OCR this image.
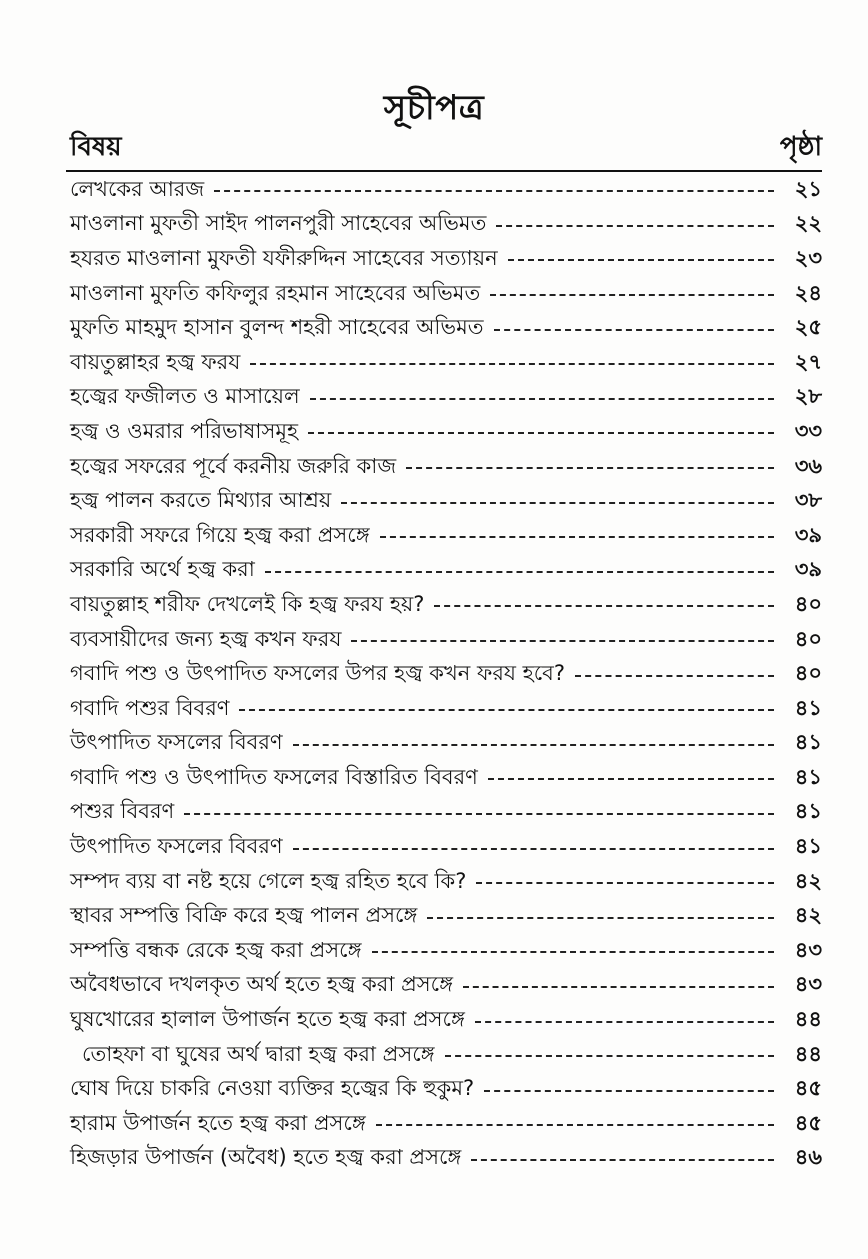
সূচীপত্র
বিষয়	পৃষ্ঠা
লেখকের আরজ	২১
মাওলানা মুফতী সাইদ পালনপুরী সাহেবের অভিমত	২২
হযরত মাওলানা মুফতী যফীরুদ্দিন সাহেবের সত্যায়ন	২৩
মাওলানা মুফতি কফিলুর রহমান সাহেবের অভিমত	২৪
মুফতি মাহমুদ হাসান বুলন্দ শহরী সাহেবের অভিমত	২৫
বায়তুল্লাহর হজ্ব ফরয	২৭
হজ্বের ফজীলত ও মাসায়েল	২৮
হজ্ব ও ওমরার পরিভাষাসমূহ	৩৩
হজ্বের সফরের পূর্বে করনীয় জরুরি কাজ	৩৬
হজ্ব পালন করতে মিথ্যার আশ্রয়	৩৮
সরকারী সফরে গিয়ে হজ্ব করা প্রসঙ্গে	৩৯
সরকারি অর্থে হজ্ব করা	৩৯
বায়তুল্লাহ শরীফ দেখলেই কি হজ্ব ফরয হয়?	৪০
ব্যবসায়ীদের জন্য হজ্ব কখন ফরয	৪০
গবাদি পশু ও উৎপাদিত ফসলের উপর হজ্ব কখন ফরয হবে?	৪০
গবাদি পশুর বিবরণ	৪১
উৎপাদিত ফসলের বিবরণ	৪১
গবাদি পশু ও উৎপাদিত ফসলের বিস্তারিত বিবরণ	৪১
পশুর বিবরণ	৪১
উৎপাদিত ফসলের বিবরণ	৪১
সম্পদ ব্যয় বা নষ্ট হয়ে গেলে হজ্ব রহিত হবে কি?	৪২
স্থাবর সম্পত্তি বিক্রি করে হজ্ব পালন প্রসঙ্গে	৪২
সম্পত্তি বন্ধক রেকে হজ্ব করা প্রসঙ্গে	৪৩
অবৈধভাবে দখলকৃত অর্থ হতে হজ্ব করা প্রসঙ্গে	৪৩
ঘুষখোরের হালাল উপার্জন হতে হজ্ব করা প্রসঙ্গে	৪৪
তোহফা বা ঘুষের অর্থ দ্বারা হজ্ব করা প্রসঙ্গে	৪৪
ঘোষ দিয়ে চাকরি নেওয়া ব্যক্তির হজ্বের কি হুকুম?	৪৫
হারাম উপার্জন হতে হজ্ব করা প্রসঙ্গে	৪৫
হিজড়ার উপার্জন (অবৈধ) হতে হজ্ব করা প্রসঙ্গে	৪৬
